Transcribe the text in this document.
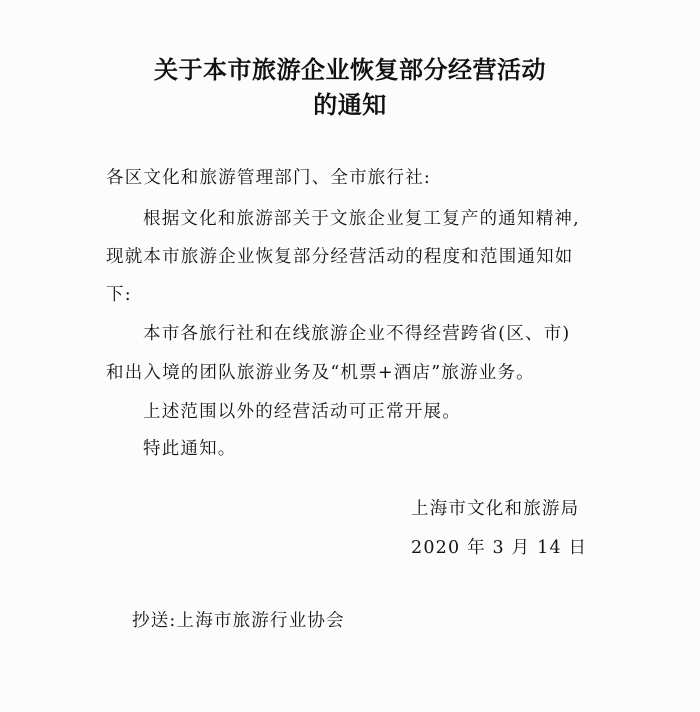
关于本市旅游企业恢复部分经营活动
的通知
各区文化和旅游管理部门、全市旅行社:
根据文化和旅游部关于文旅企业复工复产的通知精神,
现就本市旅游企业恢复部分经营活动的程度和范围通知如
下:
本市各旅行社和在线旅游企业不得经营跨省(区、市)
和出入境的团队旅游业务及“机票+酒店”旅游业务。
上述范围以外的经营活动可正常开展。
特此通知。
上海市文化和旅游局
2020 年 3 月 14 日
抄送:上海市旅游行业协会
